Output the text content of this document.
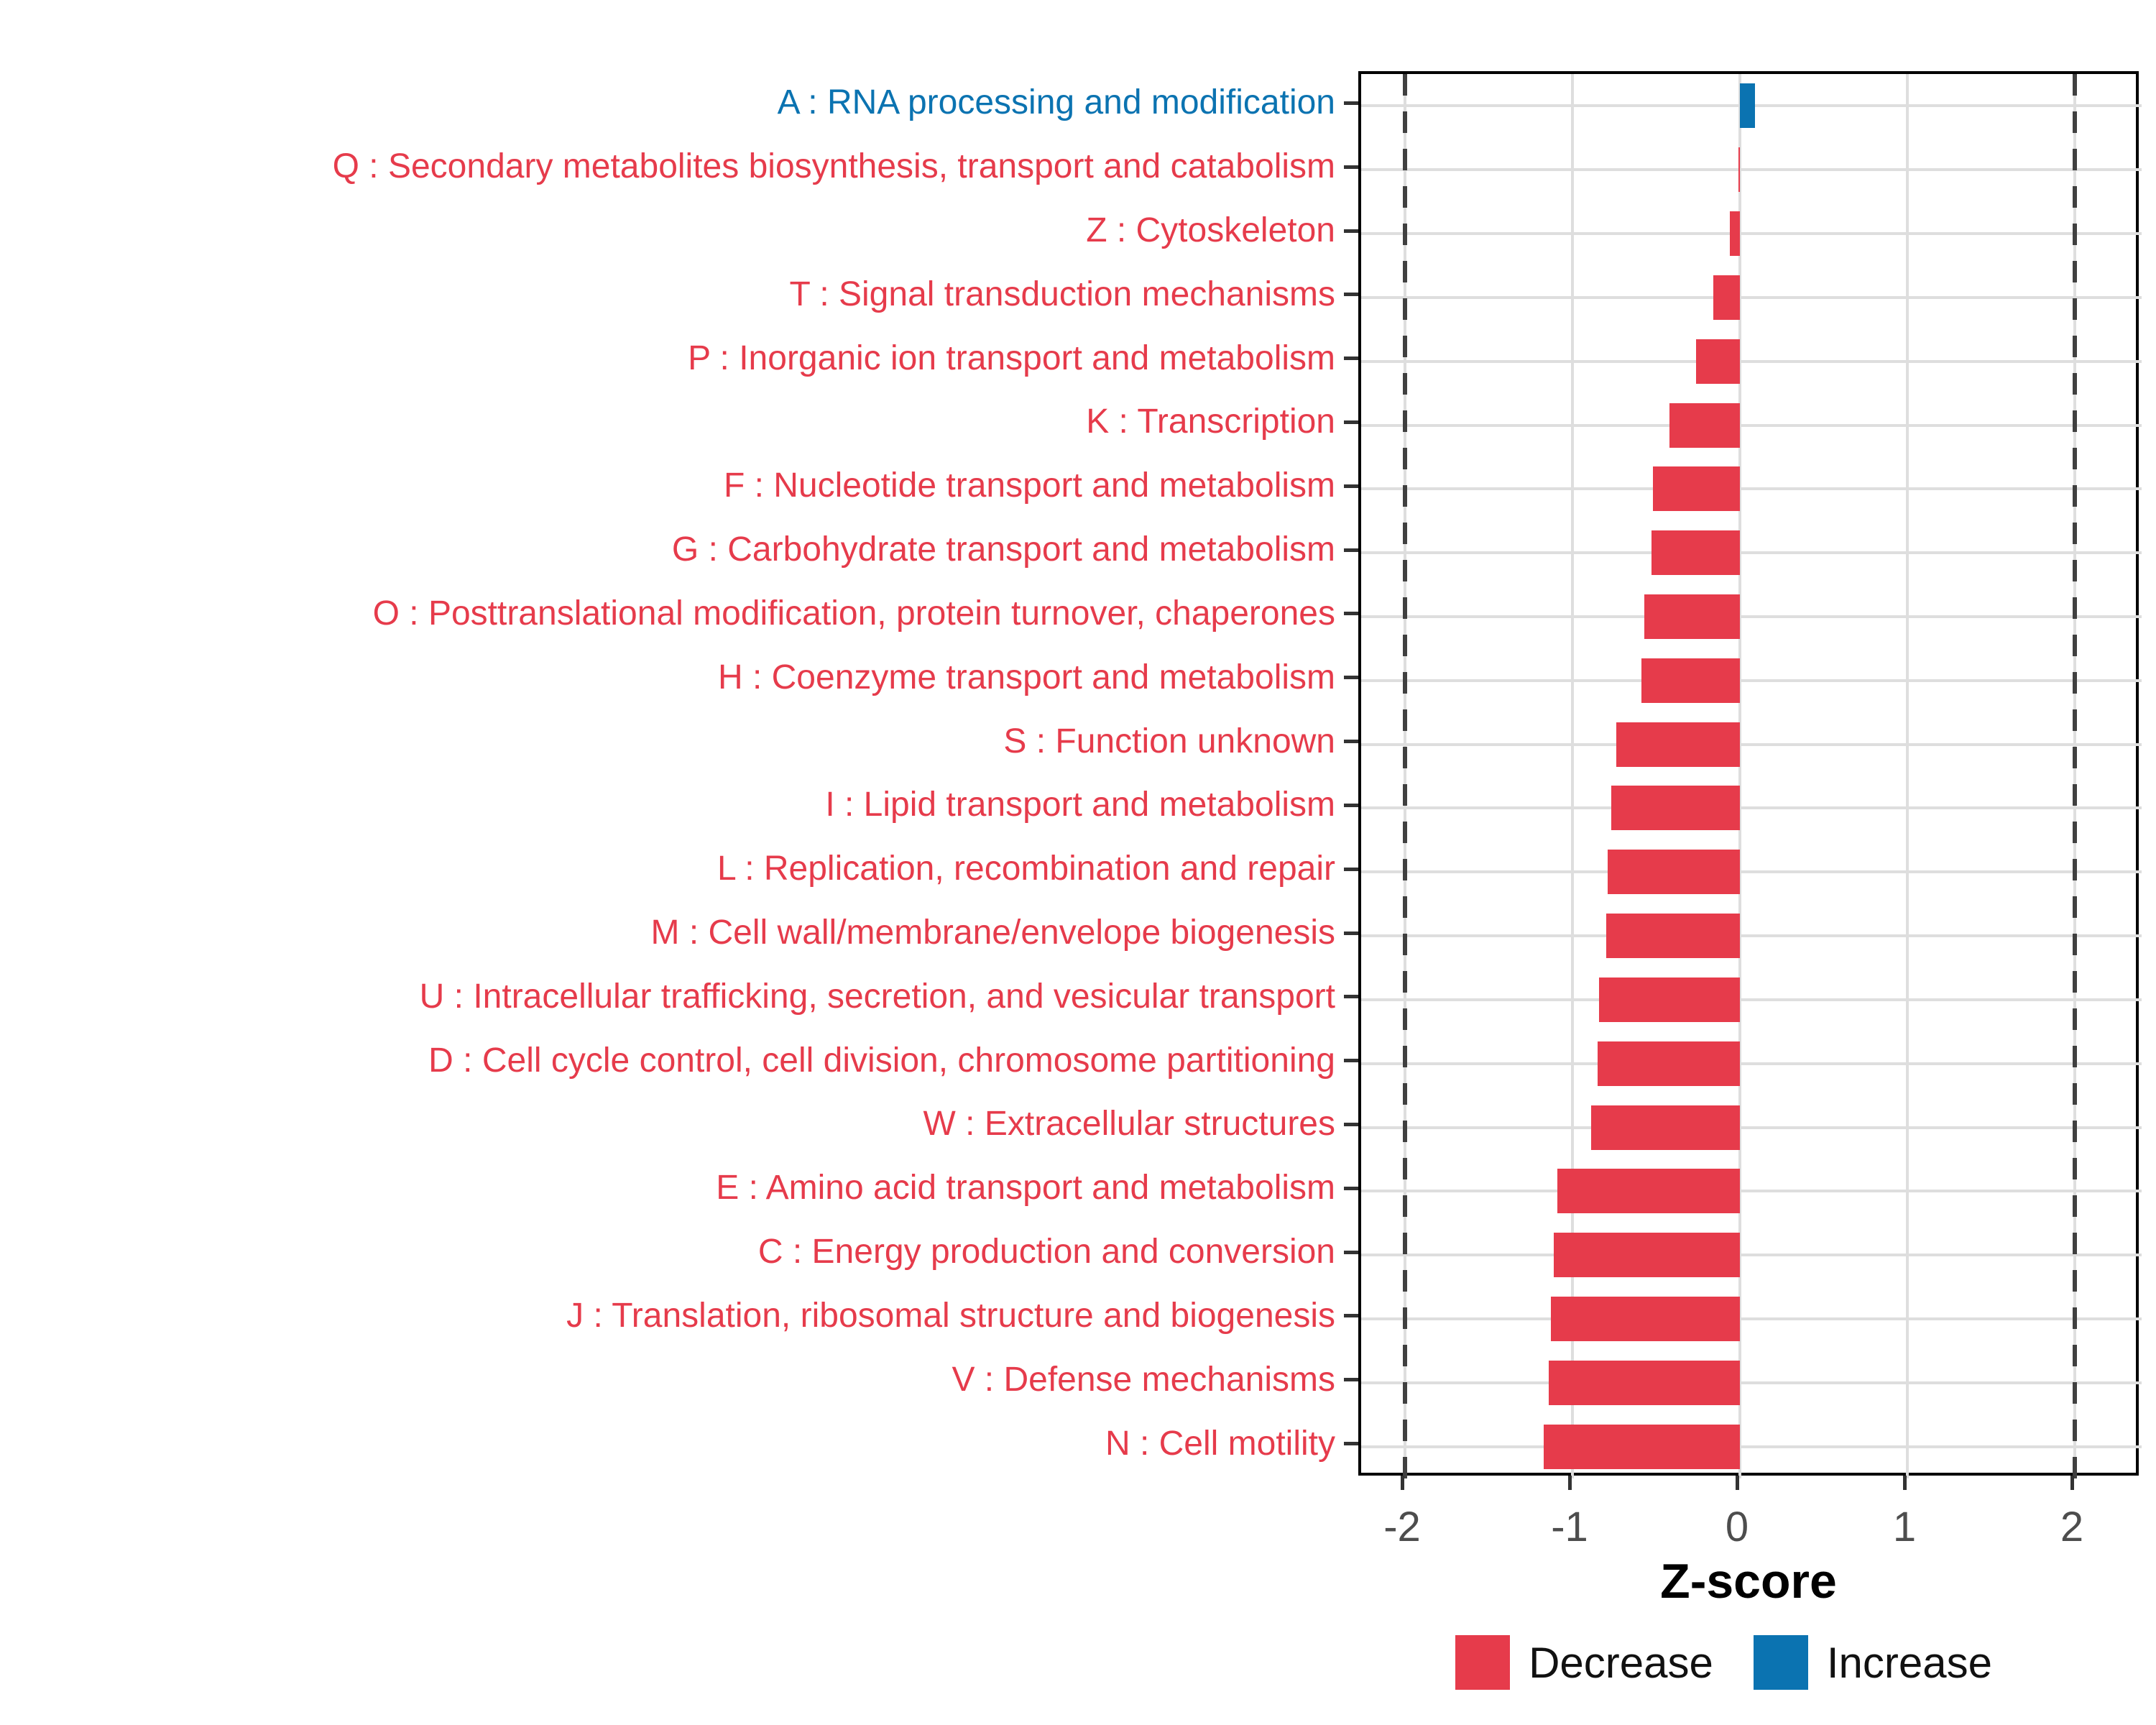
A : RNA processing and modification
Q : Secondary metabolites biosynthesis, transport and catabolism
Z : Cytoskeleton
T : Signal transduction mechanisms
P : Inorganic ion transport and metabolism
K : Transcription
F : Nucleotide transport and metabolism
G : Carbohydrate transport and metabolism
O : Posttranslational modification, protein turnover, chaperones
H : Coenzyme transport and metabolism
S : Function unknown
I : Lipid transport and metabolism
L : Replication, recombination and repair
M : Cell wall/membrane/envelope biogenesis
U : Intracellular trafficking, secretion, and vesicular transport
D : Cell cycle control, cell division, chromosome partitioning
W : Extracellular structures
E : Amino acid transport and metabolism
C : Energy production and conversion
J : Translation, ribosomal structure and biogenesis
V : Defense mechanisms
N : Cell motility
-2	-1	0	1	2
Z-score
Decrease	Increase
